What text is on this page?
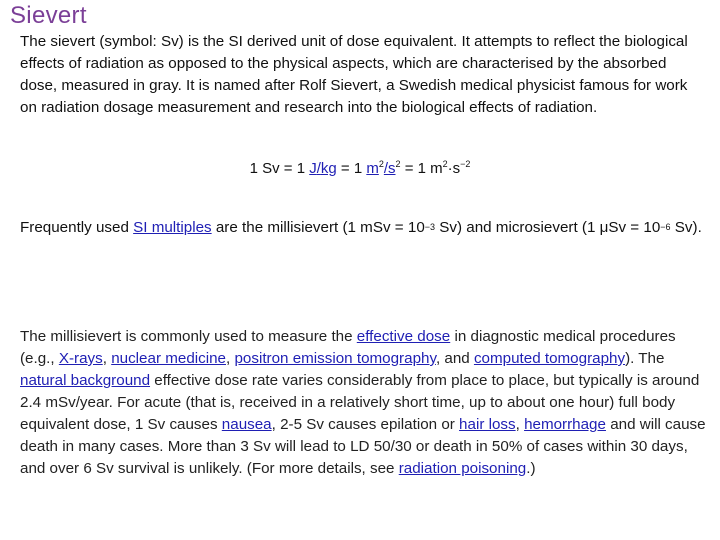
Sievert
The sievert (symbol: Sv) is the SI derived unit of dose equivalent. It attempts to reflect the biological effects of radiation as opposed to the physical aspects, which are characterised by the absorbed dose, measured in gray. It is named after Rolf Sievert, a Swedish medical physicist famous for work on radiation dosage measurement and research into the biological effects of radiation.
1 Sv = 1 J/kg = 1 $m^2/s^2 = 1$ $m^2\cdot s^{-2}$
Frequently used SI multiples are the millisievert (1 mSv = $10^{-3}$ Sv) and microsievert (1 $\mu Sv = 10^{-6}$ Sv).
The millisievert is commonly used to measure the effective dose in diagnostic medical procedures (e.g., X-rays, nuclear medicine, positron emission tomography, and computed tomography). The natural background effective dose rate varies considerably from place to place, but typically is around 2.4 mSv/year. For acute (that is, received in a relatively short time, up to about one hour) full body equivalent dose, 1 Sv causes nausea, 2-5 Sv causes epilation or hair loss, hemorrhage and will cause death in many cases. More than 3 Sv will lead to LD 50/30 or death in 50% of cases within 30 days, and over 6 Sv survival is unlikely. (For more details, see radiation poisoning.)
